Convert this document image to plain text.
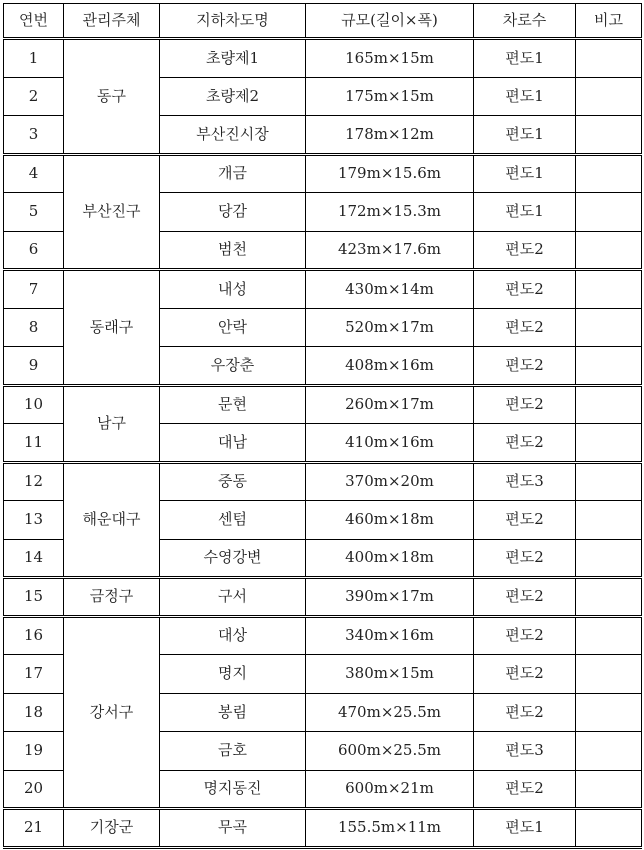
연번	관리주체	지하차도명	규모(길이×폭)	차로수	비고
1	동구	초량제1	165m×15m	편도1	
2		초량제2	175m×15m	편도1	
3		부산진시장	178m×12m	편도1	
4	부산진구	개금	179m×15.6m	편도1	
5		당감	172m×15.3m	편도1	
6		범천	423m×17.6m	편도2	
7	동래구	내성	430m×14m	편도2	
8		안락	520m×17m	편도2	
9		우장춘	408m×16m	편도2	
10	남구	문현	260m×17m	편도2	
11		대남	410m×16m	편도2	
12	해운대구	중동	370m×20m	편도3	
13		센텀	460m×18m	편도2	
14		수영강변	400m×18m	편도2	
15	금정구	구서	390m×17m	편도2	
16	강서구	대상	340m×16m	편도2	
17		명지	380m×15m	편도2	
18		봉림	470m×25.5m	편도2	
19		금호	600m×25.5m	편도3	
20		명지동진	600m×21m	편도2	
21	기장군	무곡	155.5m×11m	편도1	
